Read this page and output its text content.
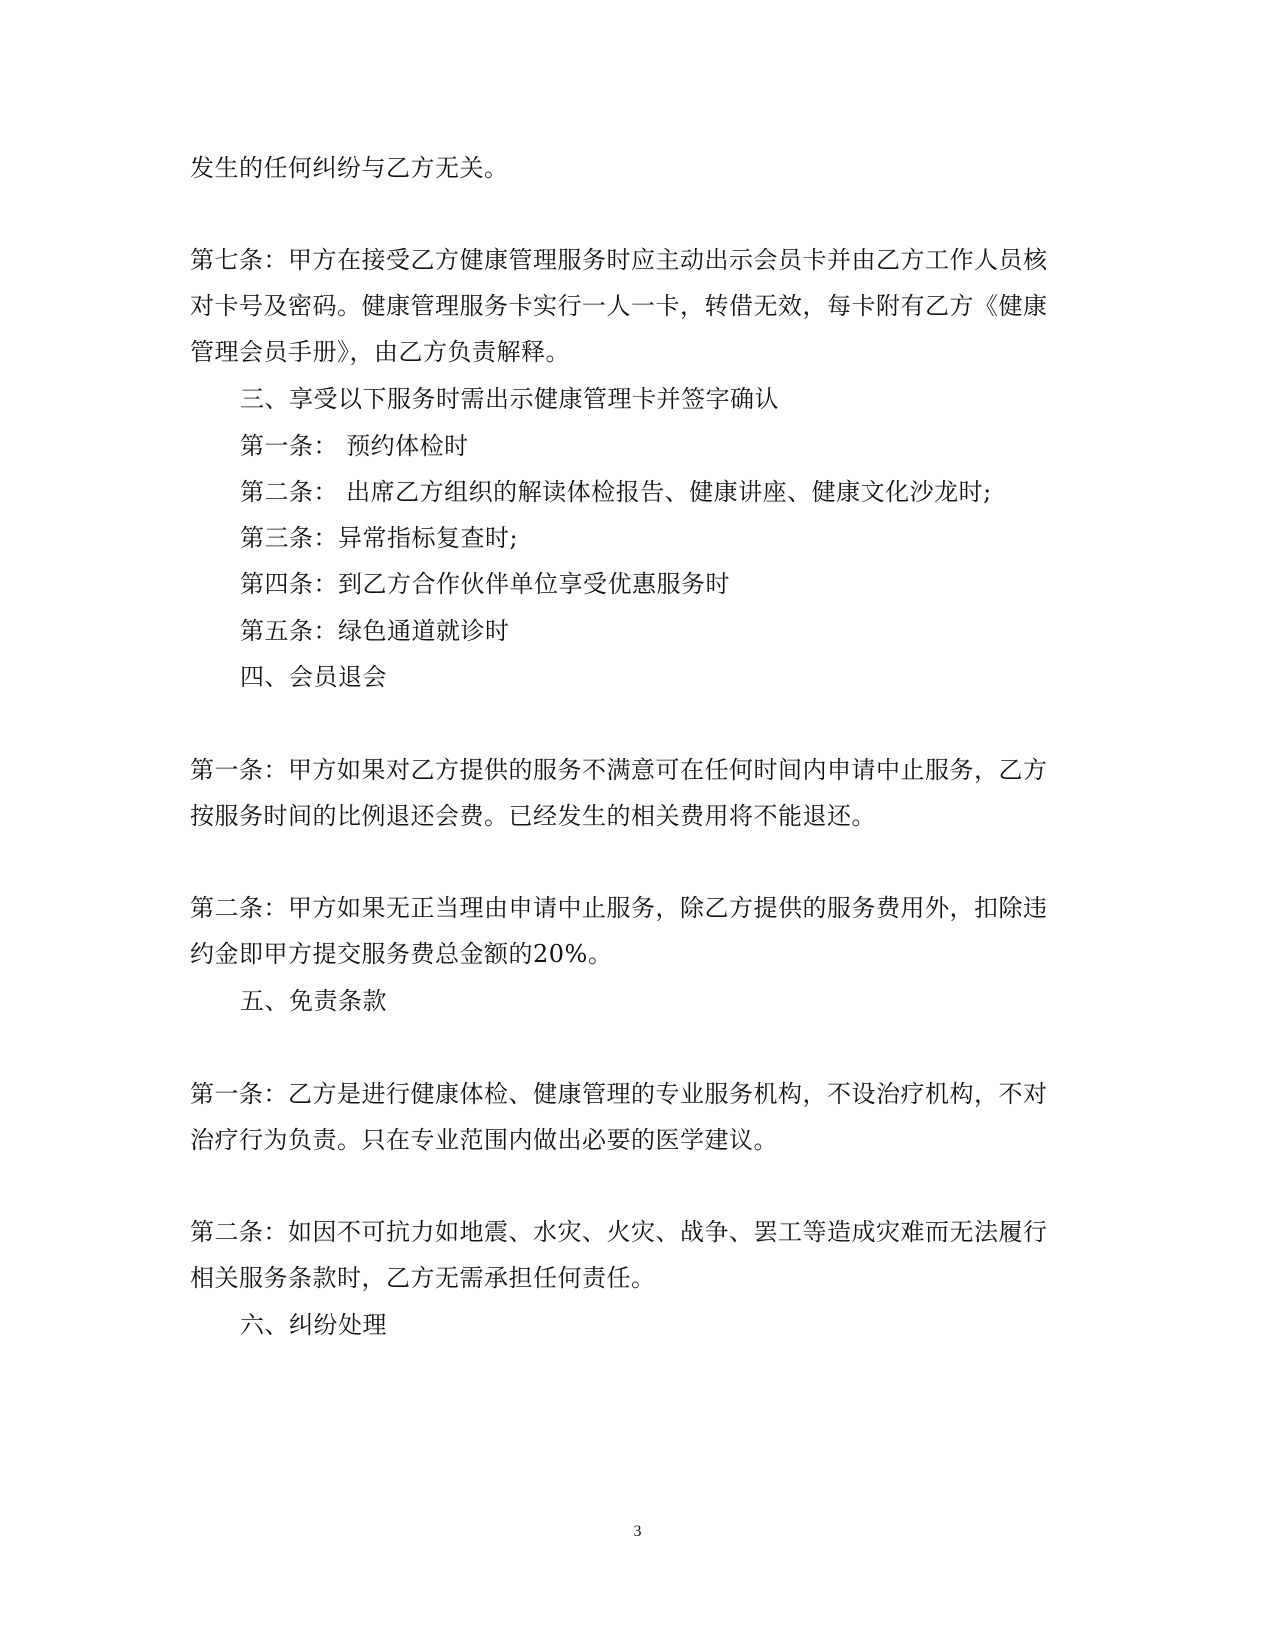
发生的任何纠纷与乙方无关。
第七条：甲方在接受乙方健康管理服务时应主动出示会员卡并由乙方工作人员核
对卡号及密码。健康管理服务卡实行一人一卡，转借无效，每卡附有乙方《健康
管理会员手册》，由乙方负责解释。
三、享受以下服务时需出示健康管理卡并签字确认
第一条： 预约体检时
第二条： 出席乙方组织的解读体检报告、健康讲座、健康文化沙龙时;
第三条：异常指标复查时;
第四条：到乙方合作伙伴单位享受优惠服务时
第五条：绿色通道就诊时
四、会员退会
第一条：甲方如果对乙方提供的服务不满意可在任何时间内申请中止服务，乙方
按服务时间的比例退还会费。已经发生的相关费用将不能退还。
第二条：甲方如果无正当理由申请中止服务，除乙方提供的服务费用外，扣除违
约金即甲方提交服务费总金额的20%。
五、免责条款
第一条：乙方是进行健康体检、健康管理的专业服务机构，不设治疗机构，不对
治疗行为负责。只在专业范围内做出必要的医学建议。
第二条：如因不可抗力如地震、水灾、火灾、战争、罢工等造成灾难而无法履行
相关服务条款时，乙方无需承担任何责任。
六、纠纷处理
3
